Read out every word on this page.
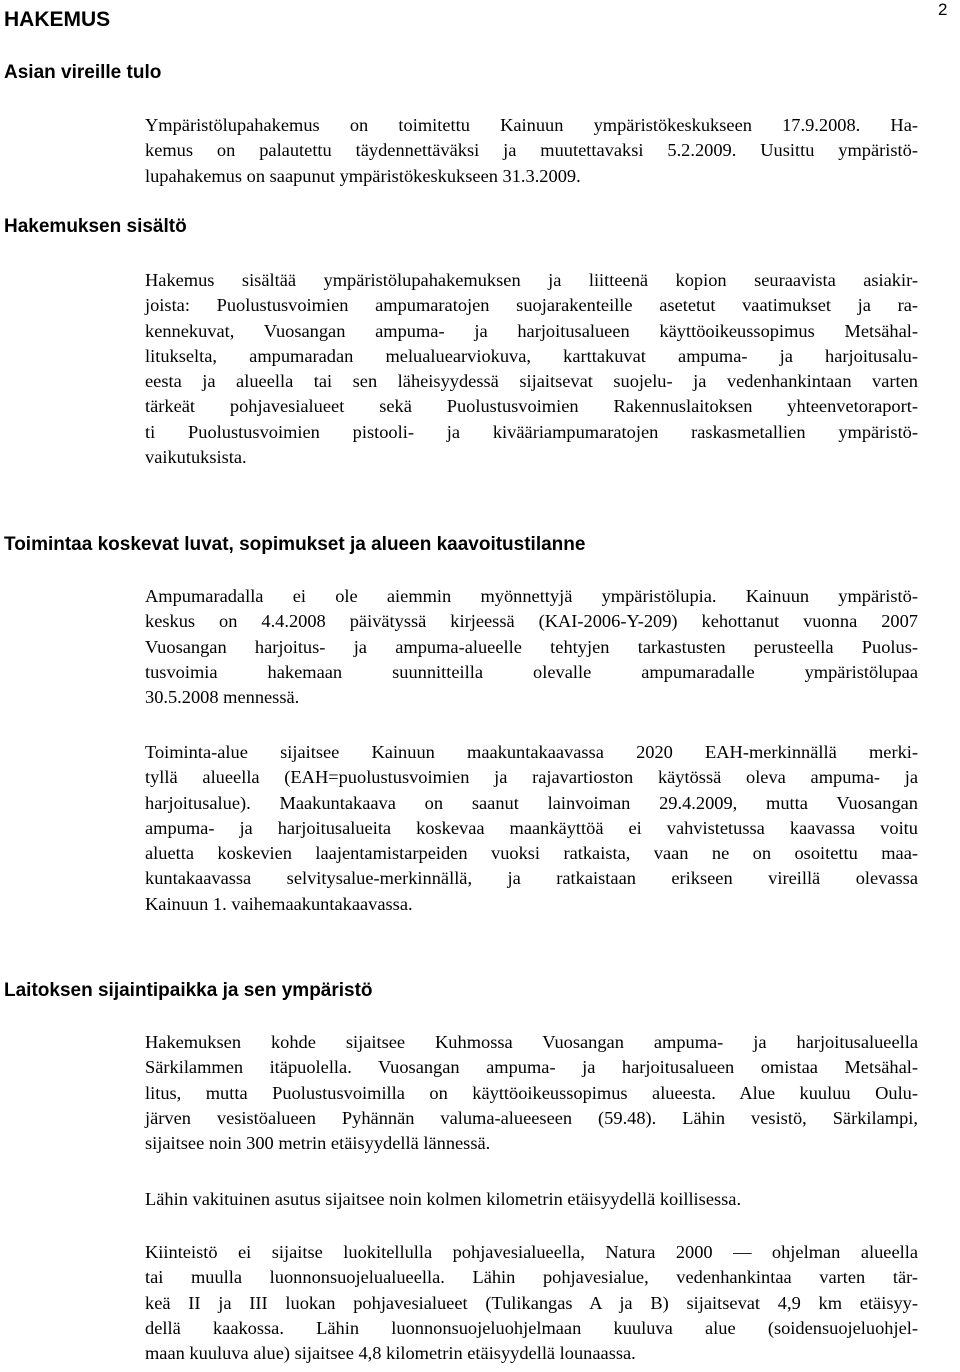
2
HAKEMUS
Asian vireille tulo
Ympäristölupahakemus on toimitettu Kainuun ympäristökeskukseen 17.9.2008. Ha-
kemus on palautettu täydennettäväksi ja muutettavaksi 5.2.2009. Uusittu ympäristö-
lupahakemus on saapunut ympäristökeskukseen 31.3.2009.
Hakemuksen sisältö
Hakemus sisältää ympäristölupahakemuksen ja liitteenä kopion seuraavista asiakir-
joista: Puolustusvoimien ampumaratojen suojarakenteille asetetut vaatimukset ja ra-
kennekuvat, Vuosangan ampuma- ja harjoitusalueen käyttöoikeussopimus Metsähal-
litukselta, ampumaradan melualuearviokuva, karttakuvat ampuma- ja harjoitusalu-
eesta ja alueella tai sen läheisyydessä sijaitsevat suojelu- ja vedenhankintaan varten
tärkeät pohjavesialueet sekä Puolustusvoimien Rakennuslaitoksen yhteenvetoraport-
ti Puolustusvoimien pistooli- ja kivääriampumaratojen raskasmetallien ympäristö-
vaikutuksista.
Toimintaa koskevat luvat, sopimukset ja alueen kaavoitustilanne
Ampumaradalla ei ole aiemmin myönnettyjä ympäristölupia. Kainuun ympäristö-
keskus on 4.4.2008 päivätyssä kirjeessä (KAI-2006-Y-209) kehottanut vuonna 2007
Vuosangan harjoitus- ja ampuma-alueelle tehtyjen tarkastusten perusteella Puolus-
tusvoimia hakemaan suunnitteilla olevalle ampumaradalle ympäristölupaa
30.5.2008 mennessä.
Toiminta-alue sijaitsee Kainuun maakuntakaavassa 2020 EAH-merkinnällä merki-
tyllä alueella (EAH=puolustusvoimien ja rajavartioston käytössä oleva ampuma- ja
harjoitusalue). Maakuntakaava on saanut lainvoiman 29.4.2009, mutta Vuosangan
ampuma- ja harjoitusalueita koskevaa maankäyttöä ei vahvistetussa kaavassa voitu
aluetta koskevien laajentamistarpeiden vuoksi ratkaista, vaan ne on osoitettu maa-
kuntakaavassa selvitysalue-merkinnällä, ja ratkaistaan erikseen vireillä olevassa
Kainuun 1. vaihemaakuntakaavassa.
Laitoksen sijaintipaikka ja sen ympäristö
Hakemuksen kohde sijaitsee Kuhmossa Vuosangan ampuma- ja harjoitusalueella
Särkilammen itäpuolella. Vuosangan ampuma- ja harjoitusalueen omistaa Metsähal-
litus, mutta Puolustusvoimilla on käyttöoikeussopimus alueesta. Alue kuuluu Oulu-
järven vesistöalueen Pyhännän valuma-alueeseen (59.48). Lähin vesistö, Särkilampi,
sijaitsee noin 300 metrin etäisyydellä lännessä.
Lähin vakituinen asutus sijaitsee noin kolmen kilometrin etäisyydellä koillisessa.
Kiinteistö ei sijaitse luokitellulla pohjavesialueella, Natura 2000 — ohjelman alueella
tai muulla luonnonsuojelualueella. Lähin pohjavesialue, vedenhankintaa varten tär-
keä II ja III luokan pohjavesialueet (Tulikangas A ja B) sijaitsevat 4,9 km etäisyy-
dellä kaakossa. Lähin luonnonsuojeluohjelmaan kuuluva alue (soidensuojeluohjel-
maan kuuluva alue) sijaitsee 4,8 kilometrin etäisyydellä lounaassa.
